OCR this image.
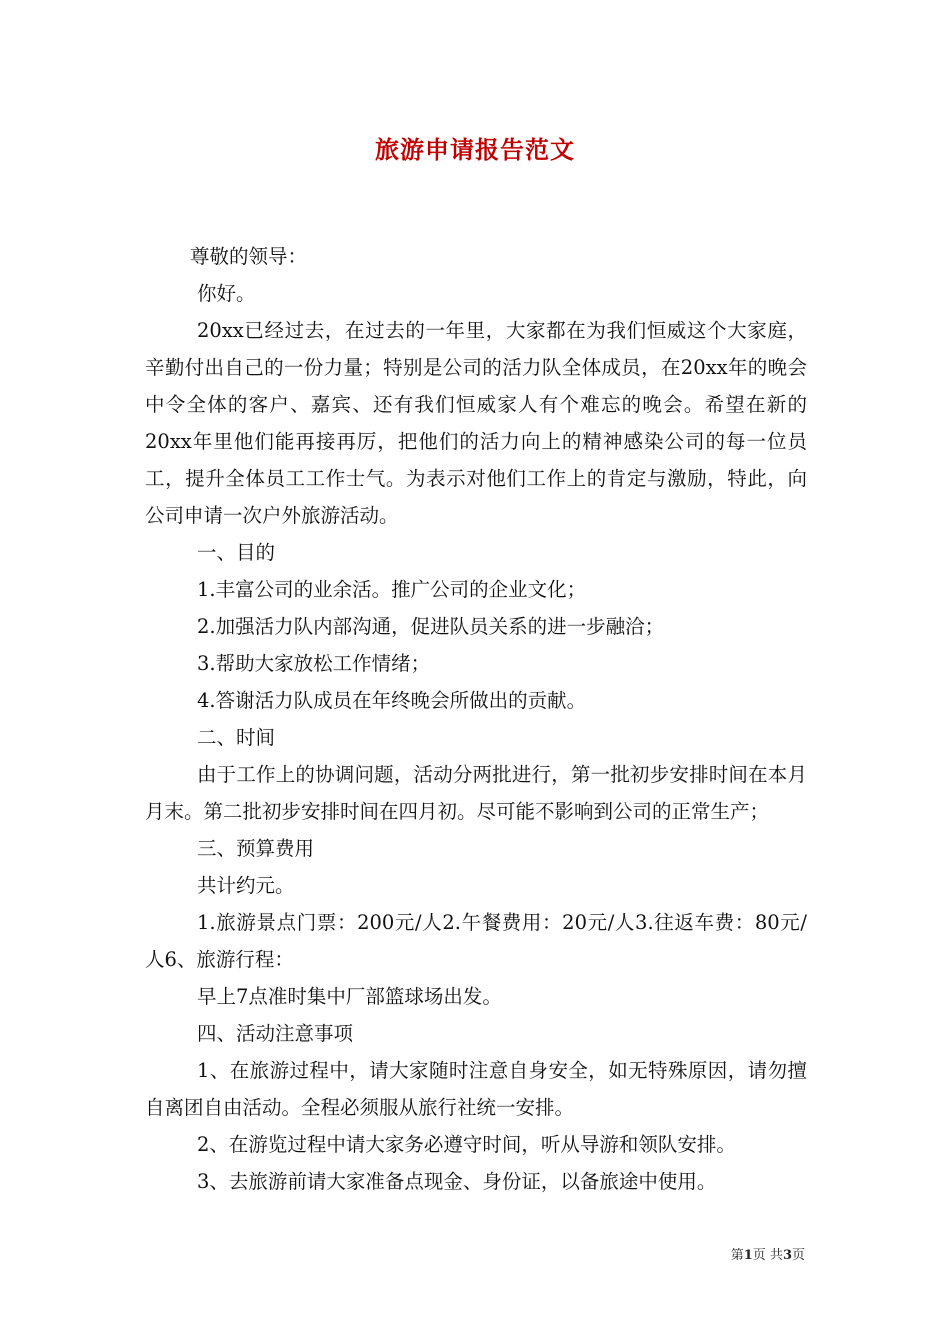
旅游申请报告范文

尊敬的领导：

你好。

20xx已经过去，在过去的一年里，大家都在为我们恒威这个大家庭，辛勤付出自己的一份力量；特别是公司的活力队全体成员，在20xx年的晚会中令全体的客户、嘉宾、还有我们恒威家人有个难忘的晚会。希望在新的20xx年里他们能再接再厉，把他们的活力向上的精神感染公司的每一位员工，提升全体员工工作士气。为表示对他们工作上的肯定与激励，特此，向公司申请一次户外旅游活动。

一、目的

1.丰富公司的业余活。推广公司的企业文化；

2.加强活力队内部沟通，促进队员关系的进一步融洽；

3.帮助大家放松工作情绪；

4.答谢活力队成员在年终晚会所做出的贡献。

二、时间

由于工作上的协调问题，活动分两批进行，第一批初步安排时间在本月月末。第二批初步安排时间在四月初。尽可能不影响到公司的正常生产；

三、预算费用

共计约元。

1.旅游景点门票：200元/人2.午餐费用：20元/人3.往返车费：80元/人6、旅游行程：

早上7点准时集中厂部篮球场出发。

四、活动注意事项

1、在旅游过程中，请大家随时注意自身安全，如无特殊原因，请勿擅自离团自由活动。全程必须服从旅行社统一安排。

2、在游览过程中请大家务必遵守时间，听从导游和领队安排。

3、去旅游前请大家准备点现金、身份证，以备旅途中使用。

第1页 共3页
